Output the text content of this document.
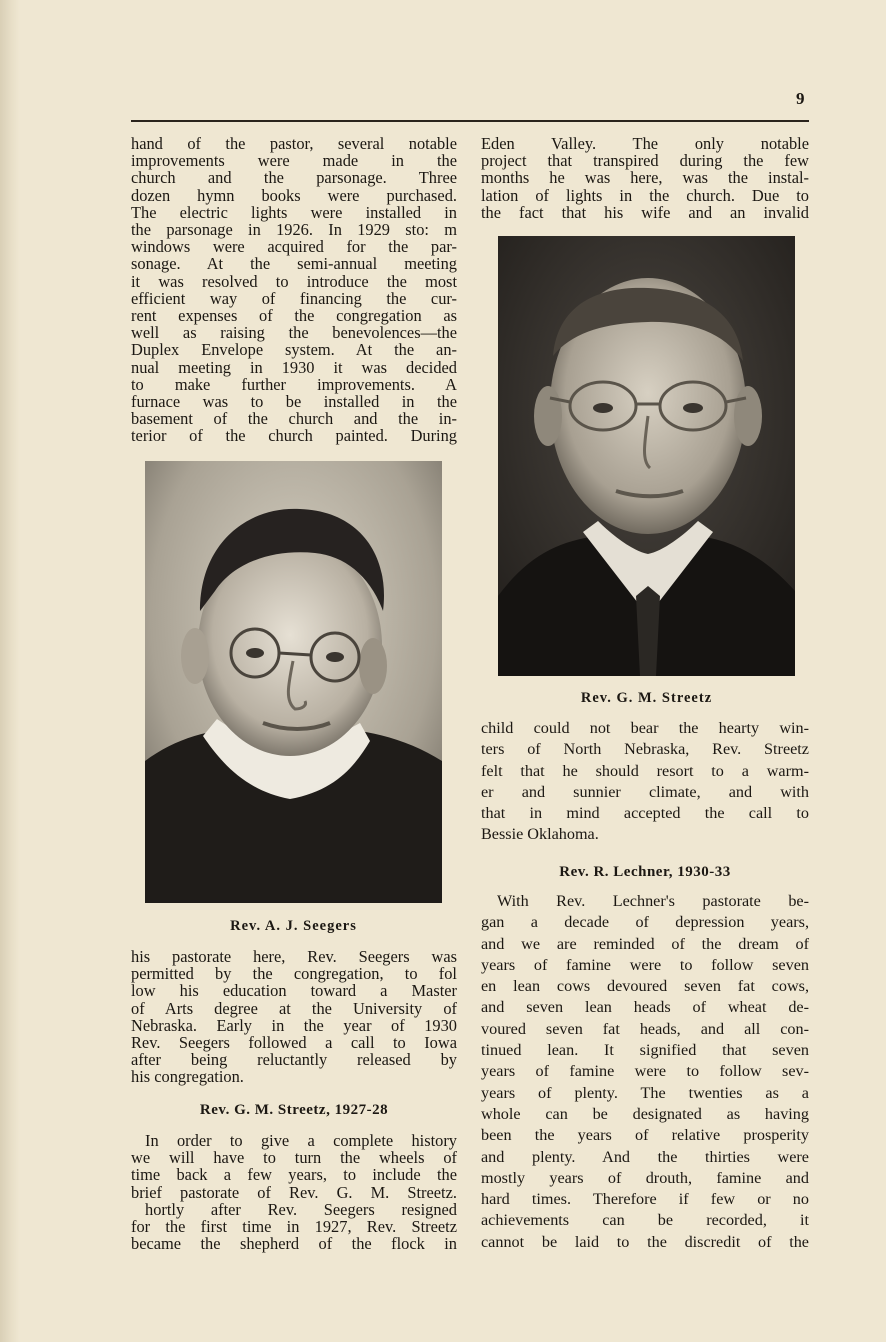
9
hand of the pastor, several notable
improvements were made in the
church and the parsonage. Three
dozen hymn books were purchased.
The electric lights were installed in
the parsonage in 1926. In 1929 sto: m
windows were acquired for the par-
sonage. At the semi-annual meeting
it was resolved to introduce the most
efficient way of financing the cur-
rent expenses of the congregation as
well as raising the benevolences—the
Duplex Envelope system. At the an-
nual meeting in 1930 it was decided
to make further improvements. A
furnace was to be installed in the
basement of the church and the in-
terior of the church painted. During
Rev. A. J. Seegers
his pastorate here, Rev. Seegers was
permitted by the congregation, to fol
low his education toward a Master
of Arts degree at the University of
Nebraska. Early in the year of 1930
Rev. Seegers followed a call to Iowa
after being reluctantly released by
his congregation.
Rev. G. M. Streetz, 1927-28
In order to give a complete history
we will have to turn the wheels of
time back a few years, to include the
brief pastorate of Rev. G. M. Streetz.
hortly after Rev. Seegers resigned
for the first time in 1927, Rev. Streetz
became the shepherd of the flock in
Eden Valley. The only notable
project that transpired during the few
months he was here, was the instal-
lation of lights in the church. Due to
the fact that his wife and an invalid
Rev. G. M. Streetz
child could not bear the hearty win-
ters of North Nebraska, Rev. Streetz
felt that he should resort to a warm-
er and sunnier climate, and with
that in mind accepted the call to
Bessie Oklahoma.
Rev. R. Lechner, 1930-33
With Rev. Lechner's pastorate be-
gan a decade of depression years,
and we are reminded of the dream of
years of famine were to follow seven
en lean cows devoured seven fat cows,
and seven lean heads of wheat de-
voured seven fat heads, and all con-
tinued lean. It signified that seven
years of famine were to follow sev-
years of plenty. The twenties as a
whole can be designated as having
been the years of relative prosperity
and plenty. And the thirties were
mostly years of drouth, famine and
hard times. Therefore if few or no
achievements can be recorded, it
cannot be laid to the discredit of the
